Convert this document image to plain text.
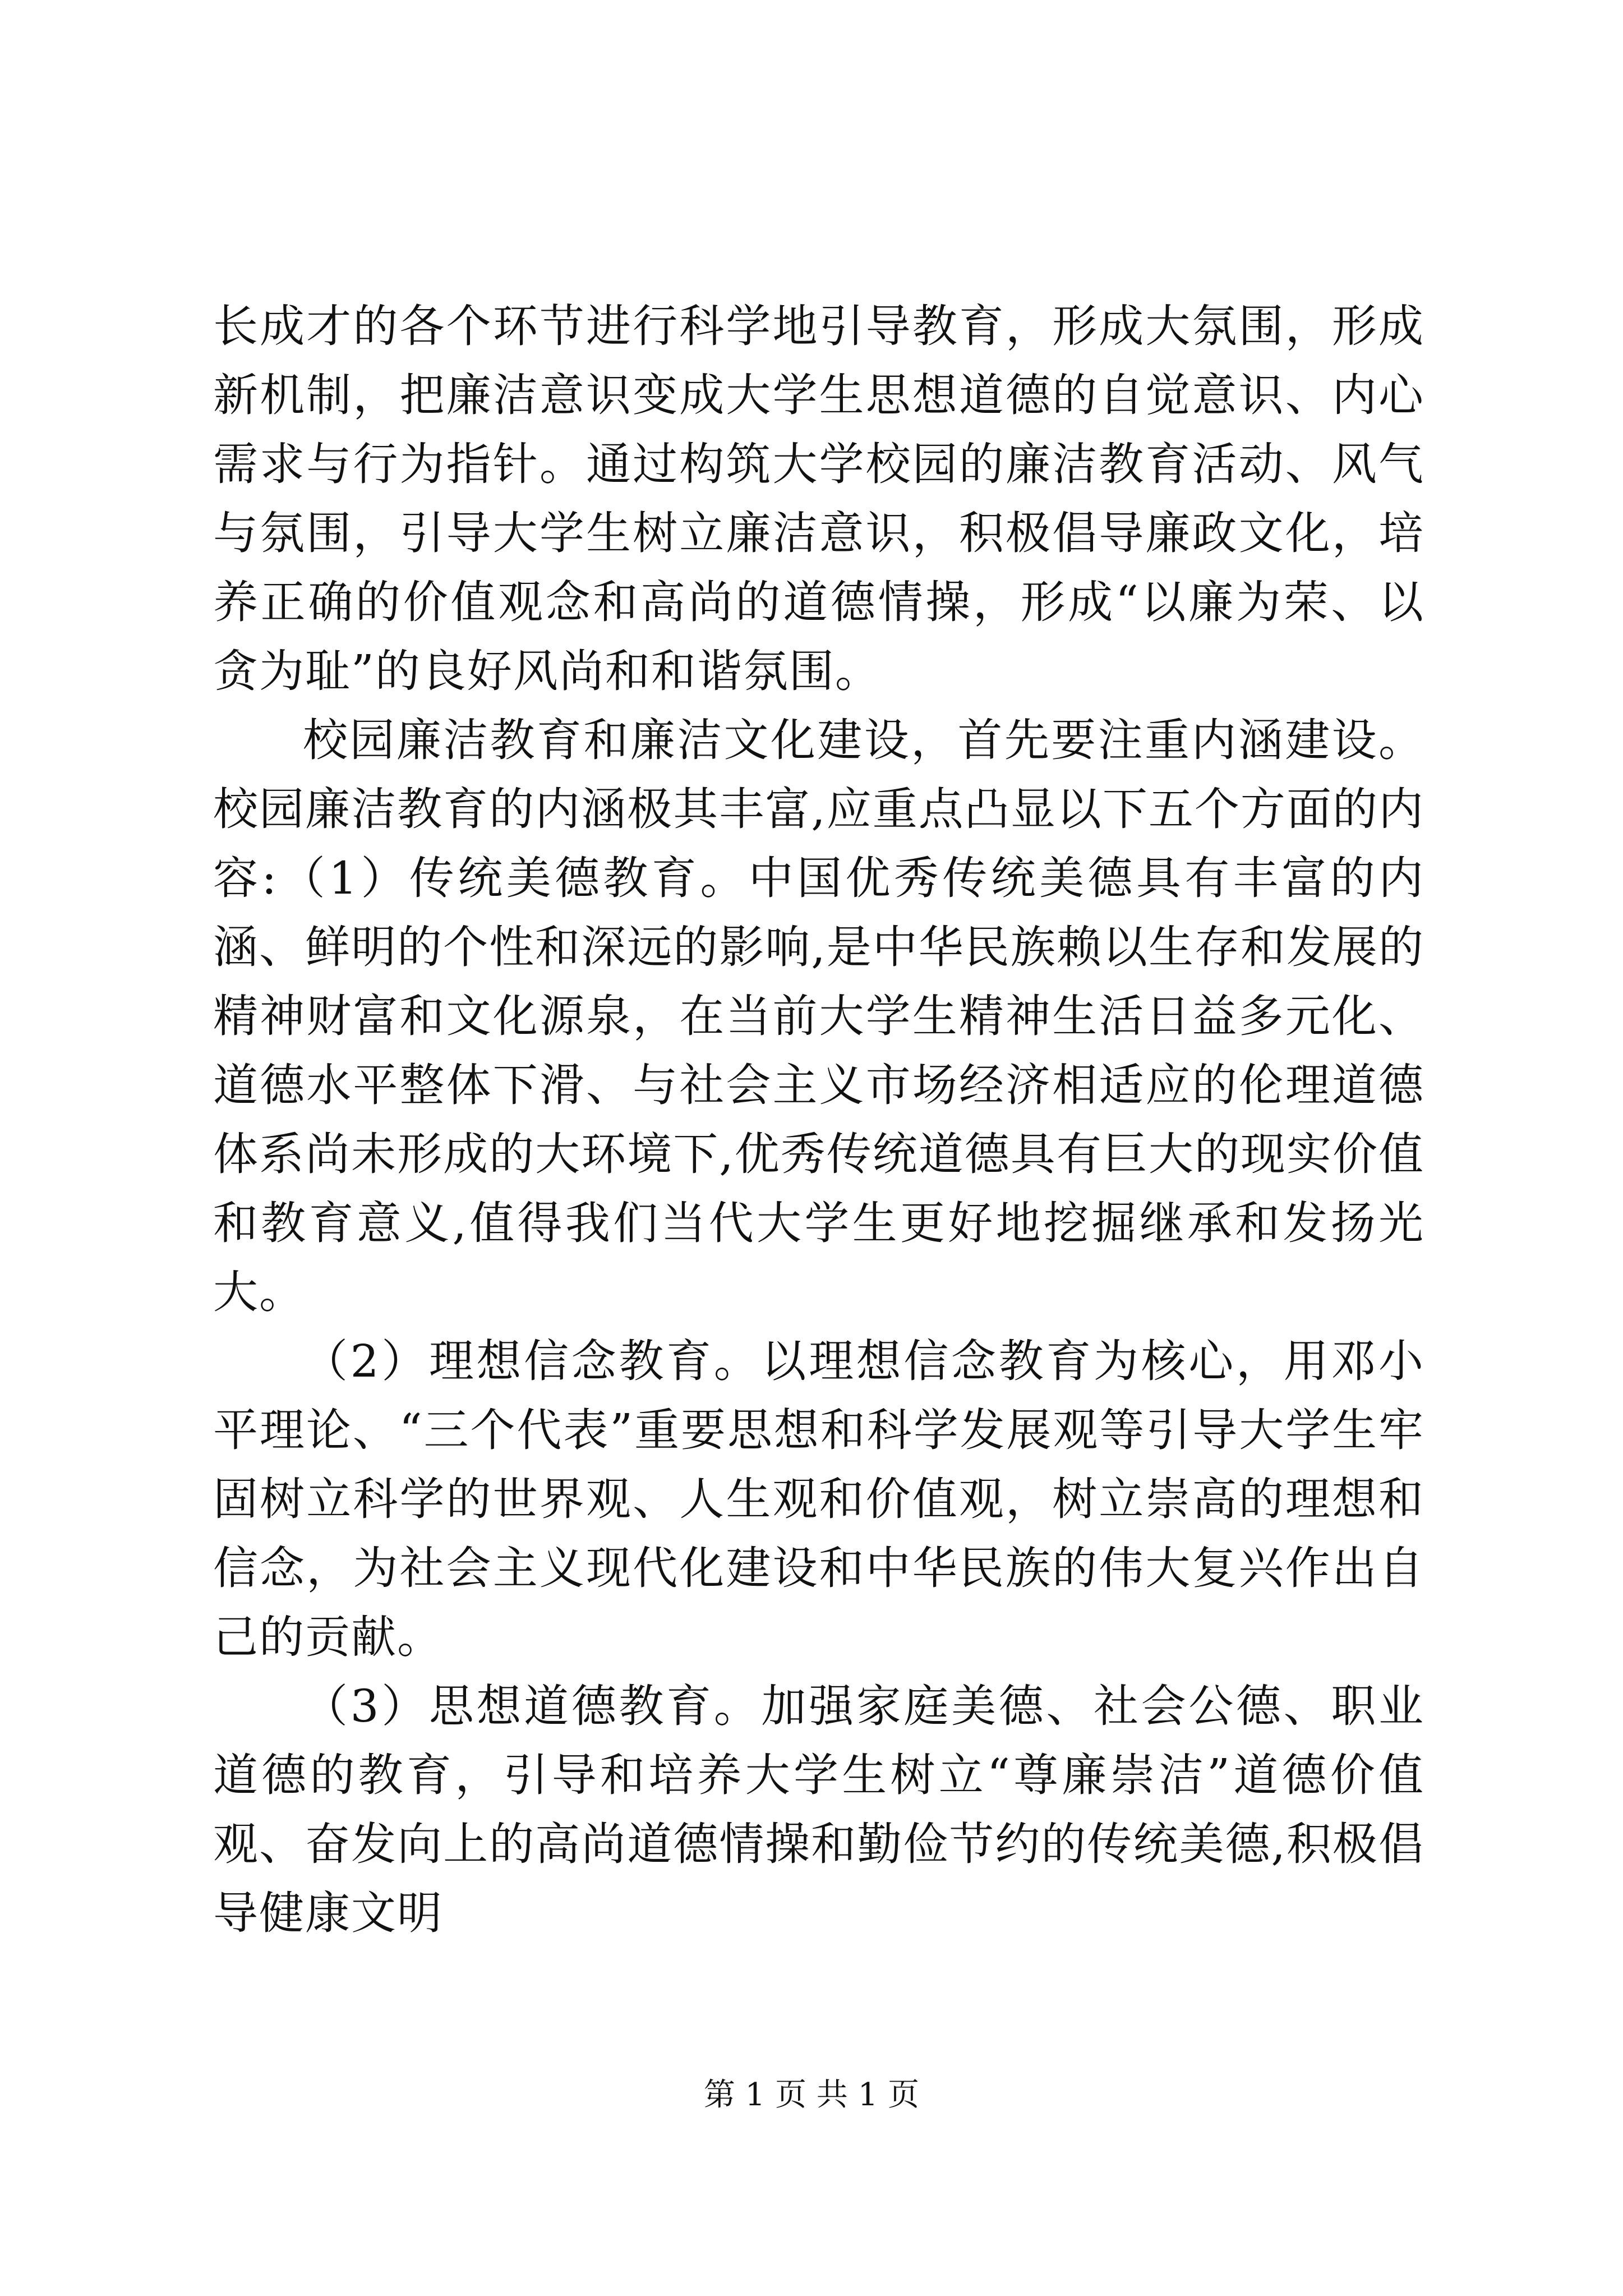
长成才的各个环节进行科学地引导教育，形成大氛围，形成新机制，把廉洁意识变成大学生思想道德的自觉意识、内心需求与行为指针。通过构筑大学校园的廉洁教育活动、风气与氛围，引导大学生树立廉洁意识，积极倡导廉政文化，培养正确的价值观念和高尚的道德情操，形成“以廉为荣、以贪为耻”的良好风尚和和谐氛围。

校园廉洁教育和廉洁文化建设，首先要注重内涵建设。校园廉洁教育的内涵极其丰富,应重点凸显以下五个方面的内容:（1）传统美德教育。中国优秀传统美德具有丰富的内涵、鲜明的个性和深远的影响,是中华民族赖以生存和发展的精神财富和文化源泉，在当前大学生精神生活日益多元化、道德水平整体下滑、与社会主义市场经济相适应的伦理道德体系尚未形成的大环境下,优秀传统道德具有巨大的现实价值和教育意义,值得我们当代大学生更好地挖掘继承和发扬光大。

（2）理想信念教育。以理想信念教育为核心，用邓小平理论、“三个代表”重要思想和科学发展观等引导大学生牢固树立科学的世界观、人生观和价值观，树立崇高的理想和信念，为社会主义现代化建设和中华民族的伟大复兴作出自己的贡献。

（3）思想道德教育。加强家庭美德、社会公德、职业道德的教育，引导和培养大学生树立“尊廉崇洁”道德价值观、奋发向上的高尚道德情操和勤俭节约的传统美德,积极倡导健康文明

第 1 页 共 1 页
